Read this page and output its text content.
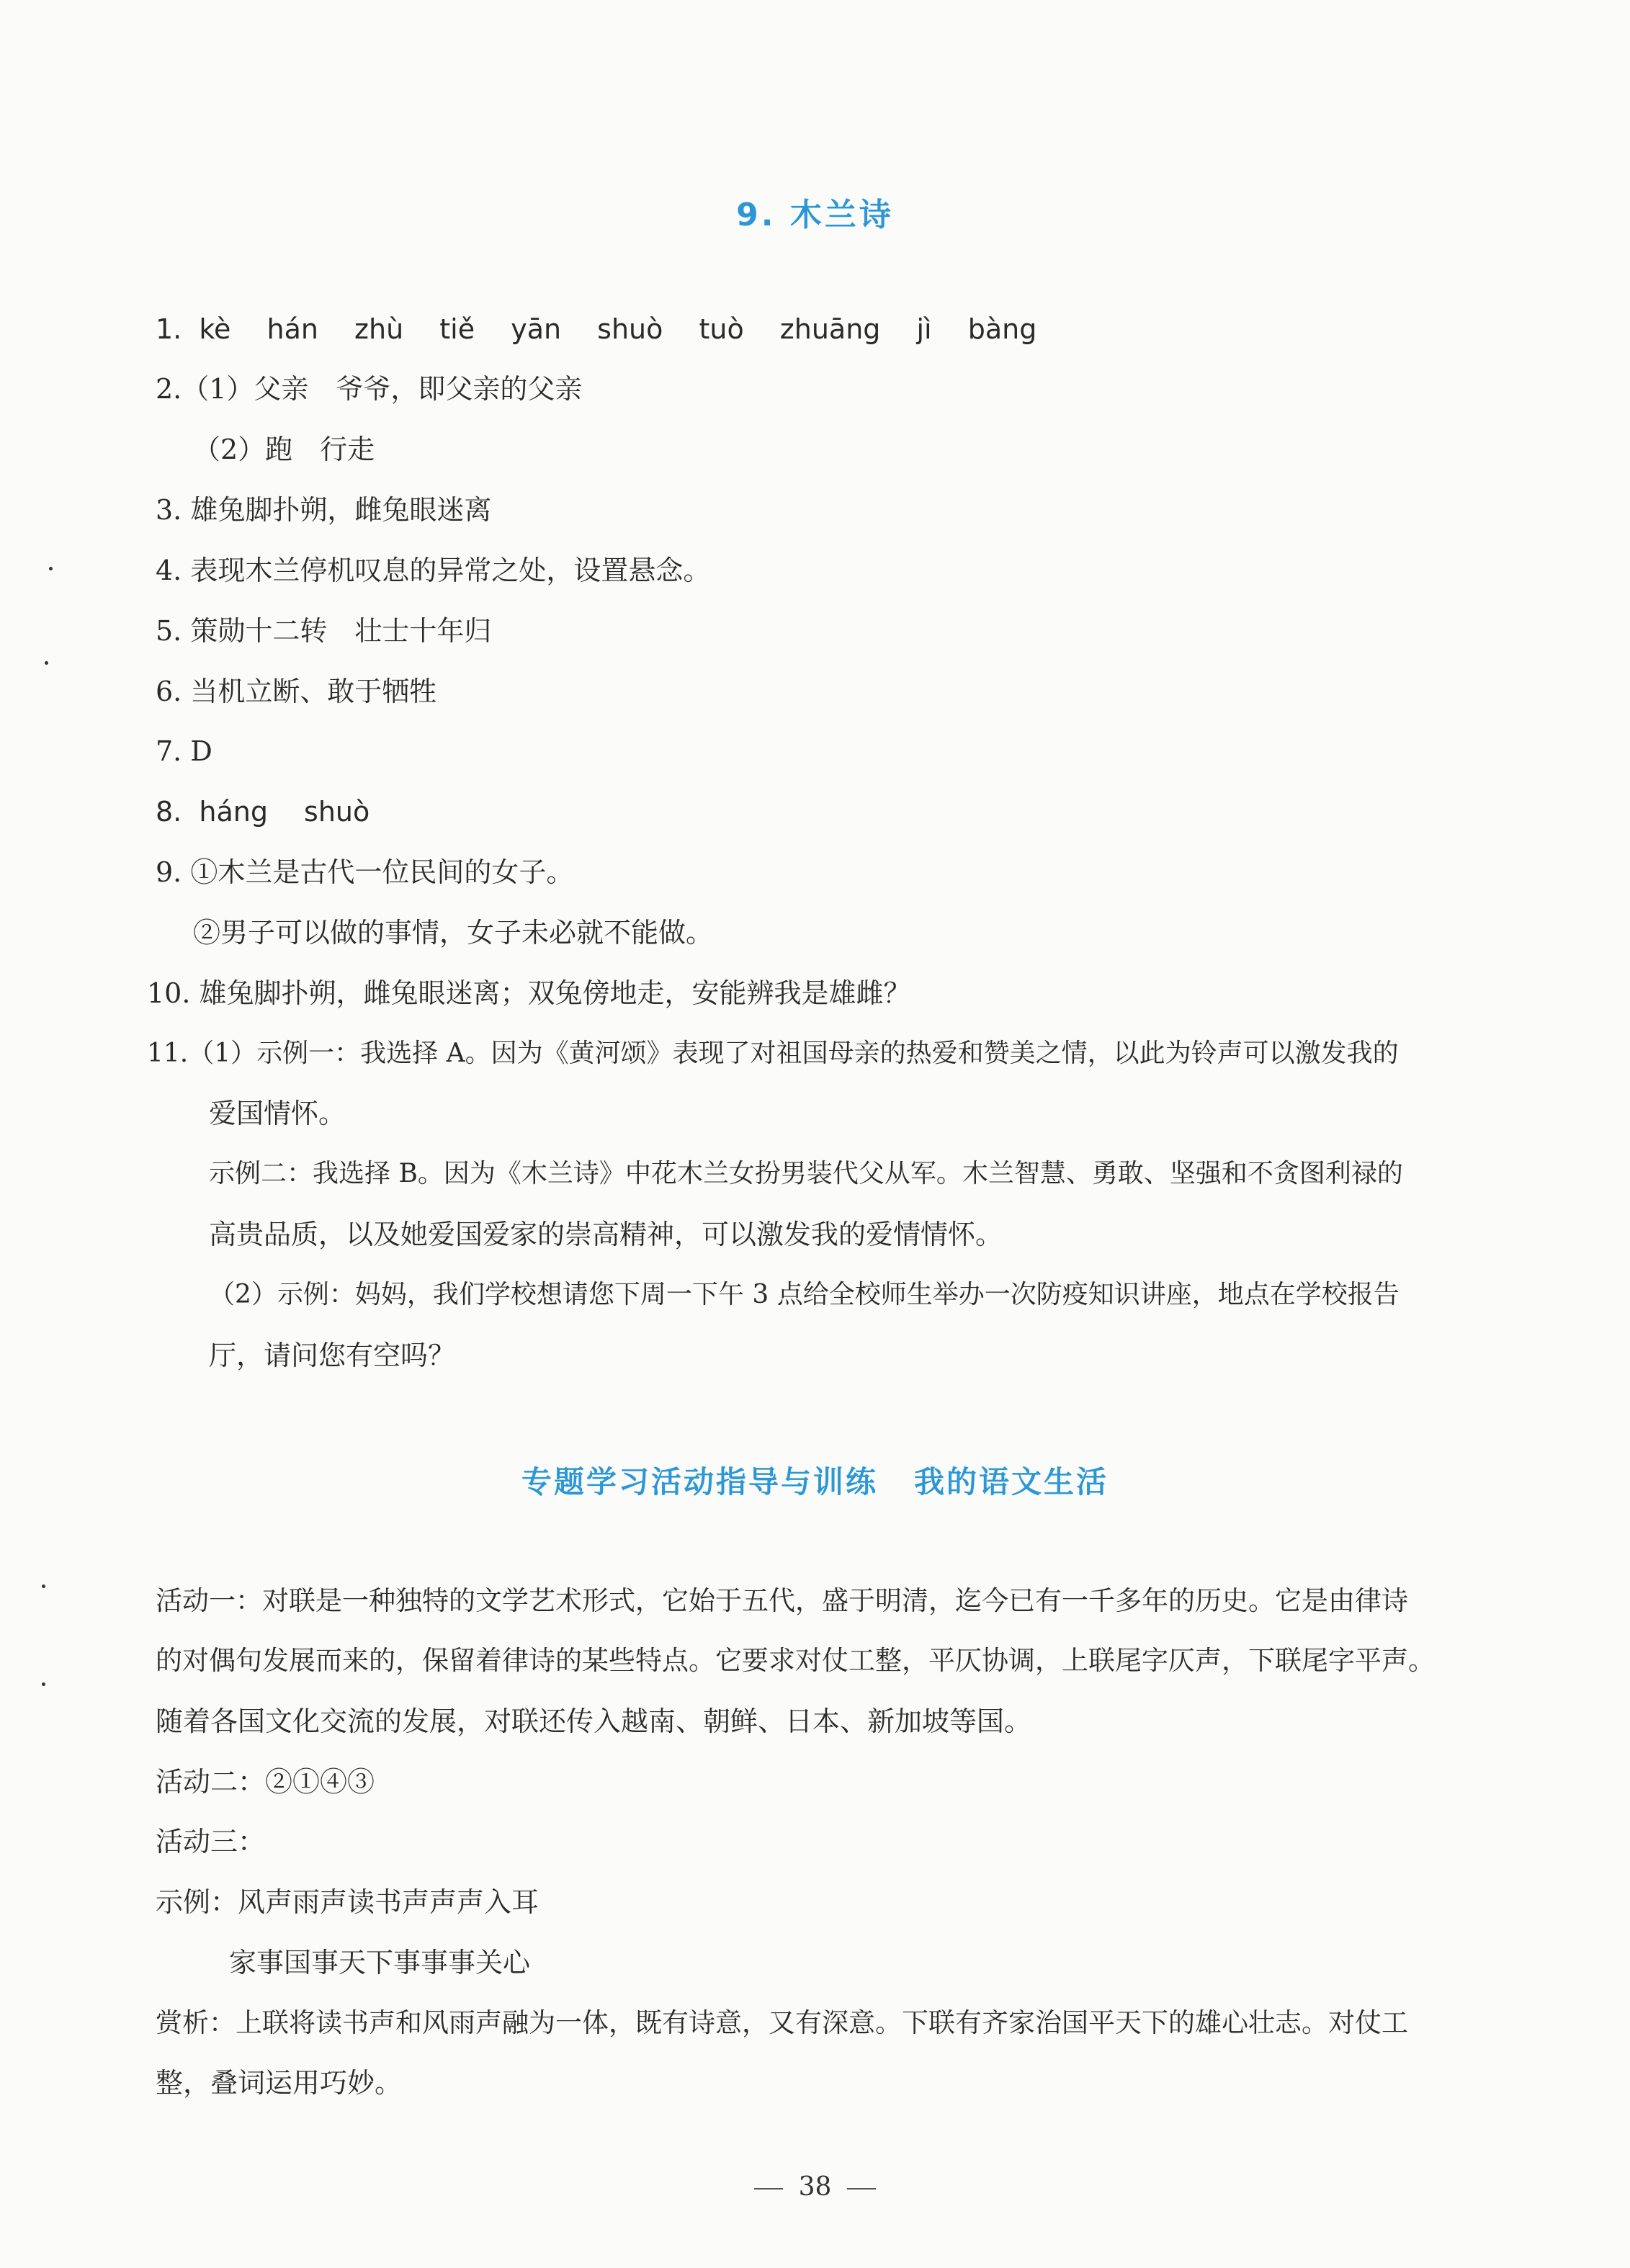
9. 木兰诗
1. kè hán zhù tiě yān shuò tuò zhuāng jì bàng
2.（1）父亲　爷爷，即父亲的父亲
（2）跑　行走
3. 雄兔脚扑朔，雌兔眼迷离
4. 表现木兰停机叹息的异常之处，设置悬念。
5. 策勋十二转　壮士十年归
6. 当机立断、敢于牺牲
7. D
8. háng shuò
9. ①木兰是古代一位民间的女子。
②男子可以做的事情，女子未必就不能做。
10. 雄兔脚扑朔，雌兔眼迷离；双兔傍地走，安能辨我是雄雌？
11.（1）示例一：我选择 A。因为《黄河颂》表现了对祖国母亲的热爱和赞美之情，以此为铃声可以激发我的
爱国情怀。
示例二：我选择 B。因为《木兰诗》中花木兰女扮男装代父从军。木兰智慧、勇敢、坚强和不贪图利禄的
高贵品质，以及她爱国爱家的崇高精神，可以激发我的爱情情怀。
（2）示例：妈妈，我们学校想请您下周一下午 3 点给全校师生举办一次防疫知识讲座，地点在学校报告
厅，请问您有空吗？
专题学习活动指导与训练 我的语文生活
活动一：对联是一种独特的文学艺术形式，它始于五代，盛于明清，迄今已有一千多年的历史。它是由律诗
的对偶句发展而来的，保留着律诗的某些特点。它要求对仗工整，平仄协调，上联尾字仄声，下联尾字平声。
随着各国文化交流的发展，对联还传入越南、朝鲜、日本、新加坡等国。
活动二：②①④③
活动三：
示例：风声雨声读书声声声入耳
家事国事天下事事事关心
赏析：上联将读书声和风雨声融为一体，既有诗意，又有深意。下联有齐家治国平天下的雄心壮志。对仗工
整，叠词运用巧妙。
38
